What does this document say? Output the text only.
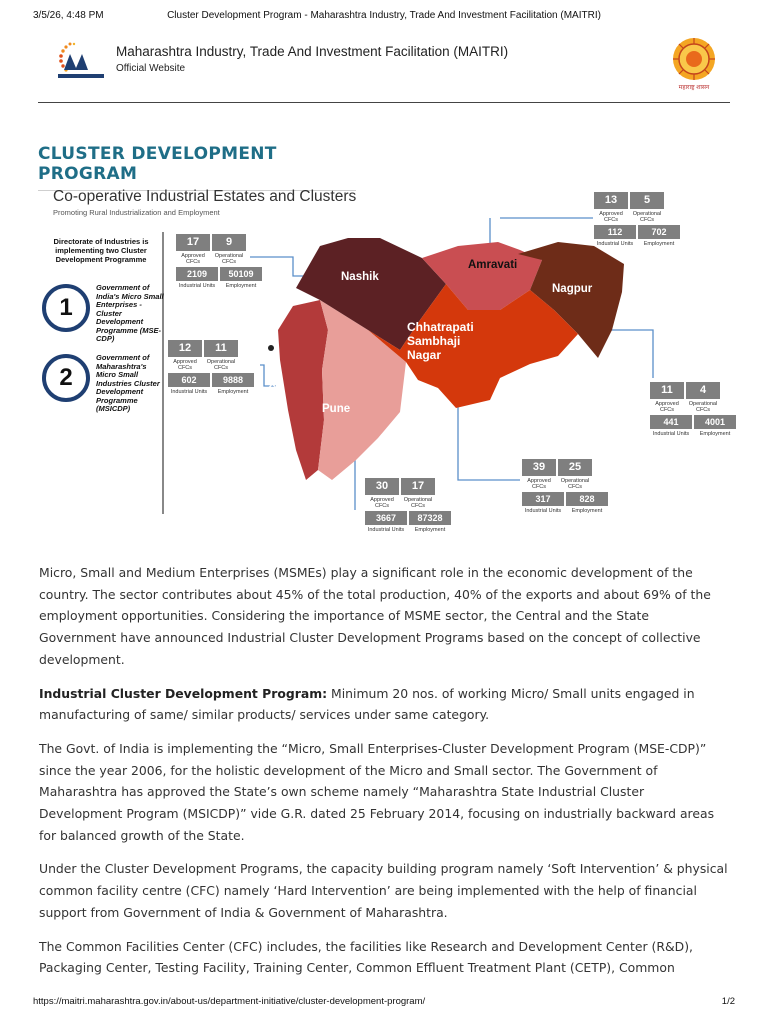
3/5/26, 4:48 PM	Cluster Development Program - Maharashtra Industry, Trade And Investment Facilitation (MAITRI)
Maharashtra Industry, Trade And Investment Facilitation (MAITRI)
Official Website
महाराष्ट्र शासन
CLUSTER DEVELOPMENT PROGRAM
Co-operative Industrial Estates and Clusters
Promoting Rural Industrialization and Employment
Directorate of Industries is implementing two Cluster Development Programme
1
Government of India's Micro Small Enterprises - Cluster Development Programme (MSE-CDP)
2
Government of Maharashtra's Micro Small Industries Cluster Development Programme (MSICDP)
Nashik
Amravati
Nagpur
Chhatrapati
Sambhaji
Nagar
Pune
Konkan
17	9
Approved CFCs
Operational CFCs
2109	50109
Industrial Units	Employment
13	5
Approved CFCs
Operational CFCs
112	702
Industrial Units	Employment
11	4
Approved CFCs
Operational CFCs
441	4001
Industrial Units	Employment
39	25
Approved CFCs
Operational CFCs
317	828
Industrial Units	Employment
30	17
Approved CFCs
Operational CFCs
3667	87328
Industrial Units	Employment
12	11
Approved CFCs
Operational CFCs
602	9888
Industrial Units	Employment

Micro, Small and Medium Enterprises (MSMEs) play a significant role in the economic development of the country. The sector contributes about 45% of the total production, 40% of the exports and about 69% of the employment opportunities. Considering the importance of MSME sector, the Central and the State Government have announced Industrial Cluster Development Programs based on the concept of collective development.

Industrial Cluster Development Program: Minimum 20 nos. of working Micro/ Small units engaged in manufacturing of same/ similar products/ services under same category.

The Govt. of India is implementing the “Micro, Small Enterprises-Cluster Development Program (MSE-CDP)” since the year 2006, for the holistic development of the Micro and Small sector. The Government of Maharashtra has approved the State’s own scheme namely “Maharashtra State Industrial Cluster Development Program (MSICDP)” vide G.R. dated 25 February 2014, focusing on industrially backward areas for balanced growth of the State.

Under the Cluster Development Programs, the capacity building program namely ‘Soft Intervention’ & physical common facility centre (CFC) namely ‘Hard Intervention’ are being implemented with the help of financial support from Government of India & Government of Maharashtra.

The Common Facilities Center (CFC) includes, the facilities like Research and Development Center (R&D), Packaging Center, Testing Facility, Training Center, Common Effluent Treatment Plant (CETP), Common

https://maitri.maharashtra.gov.in/about-us/department-initiative/cluster-development-program/	1/2
